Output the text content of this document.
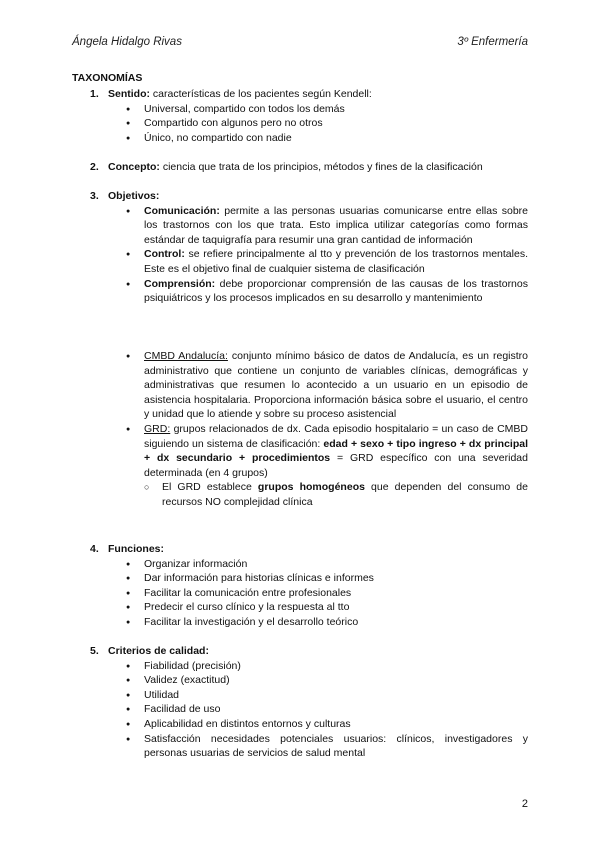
Ángela Hidalgo Rivas	3º Enfermería
TAXONOMÍAS
1. Sentido: características de los pacientes según Kendell:
● Universal, compartido con todos los demás
● Compartido con algunos pero no otros
● Único, no compartido con nadie
2. Concepto: ciencia que trata de los principios, métodos y fines de la clasificación
3. Objetivos:
● Comunicación: permite a las personas usuarias comunicarse entre ellas sobre los trastornos con los que trata. Esto implica utilizar categorías como formas estándar de taquigrafía para resumir una gran cantidad de información
● Control: se refiere principalmente al tto y prevención de los trastornos mentales. Este es el objetivo final de cualquier sistema de clasificación
● Comprensión: debe proporcionar comprensión de las causas de los trastornos psiquiátricos y los procesos implicados en su desarrollo y mantenimiento
● CMBD Andalucía: conjunto mínimo básico de datos de Andalucía, es un registro administrativo que contiene un conjunto de variables clínicas, demográficas y administrativas que resumen lo acontecido a un usuario en un episodio de asistencia hospitalaria. Proporciona información básica sobre el usuario, el centro y unidad que lo atiende y sobre su proceso asistencial
● GRD: grupos relacionados de dx. Cada episodio hospitalario = un caso de CMBD siguiendo un sistema de clasificación: edad + sexo + tipo ingreso + dx principal + dx secundario + procedimientos = GRD específico con una severidad determinada (en 4 grupos)
○ El GRD establece grupos homogéneos que dependen del consumo de recursos NO complejidad clínica
4. Funciones:
● Organizar información
● Dar información para historias clínicas e informes
● Facilitar la comunicación entre profesionales
● Predecir el curso clínico y la respuesta al tto
● Facilitar la investigación y el desarrollo teórico
5. Criterios de calidad:
● Fiabilidad (precisión)
● Validez (exactitud)
● Utilidad
● Facilidad de uso
● Aplicabilidad en distintos entornos y culturas
● Satisfacción necesidades potenciales usuarios: clínicos, investigadores y personas usuarias de servicios de salud mental
2
